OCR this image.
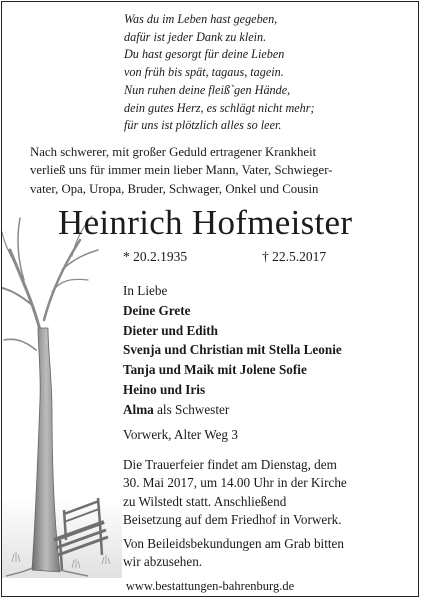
Was du im Leben hast gegeben,
dafür ist jeder Dank zu klein.
Du hast gesorgt für deine Lieben
von früh bis spät, tagaus, tagein.
Nun ruhen deine fleiß`gen Hände,
dein gutes Herz, es schlägt nicht mehr;
für uns ist plötzlich alles so leer.
Nach schwerer, mit großer Geduld ertragener Krankheit
verließ uns für immer mein lieber Mann, Vater, Schwieger-
vater, Opa, Uropa, Bruder, Schwager, Onkel und Cousin
Heinrich Hofmeister
* 20.2.1935	† 22.5.2017
In Liebe
Deine Grete
Dieter und Edith
Svenja und Christian mit Stella Leonie
Tanja und Maik mit Jolene Sofie
Heino und Iris
Alma als Schwester
Vorwerk, Alter Weg 3
Die Trauerfeier findet am Dienstag, dem
30. Mai 2017, um 14.00 Uhr in der Kirche
zu Wilstedt statt. Anschließend
Beisetzung auf dem Friedhof in Vorwerk.
Von Beileidsbekundungen am Grab bitten
wir abzusehen.
www.bestattungen-bahrenburg.de
